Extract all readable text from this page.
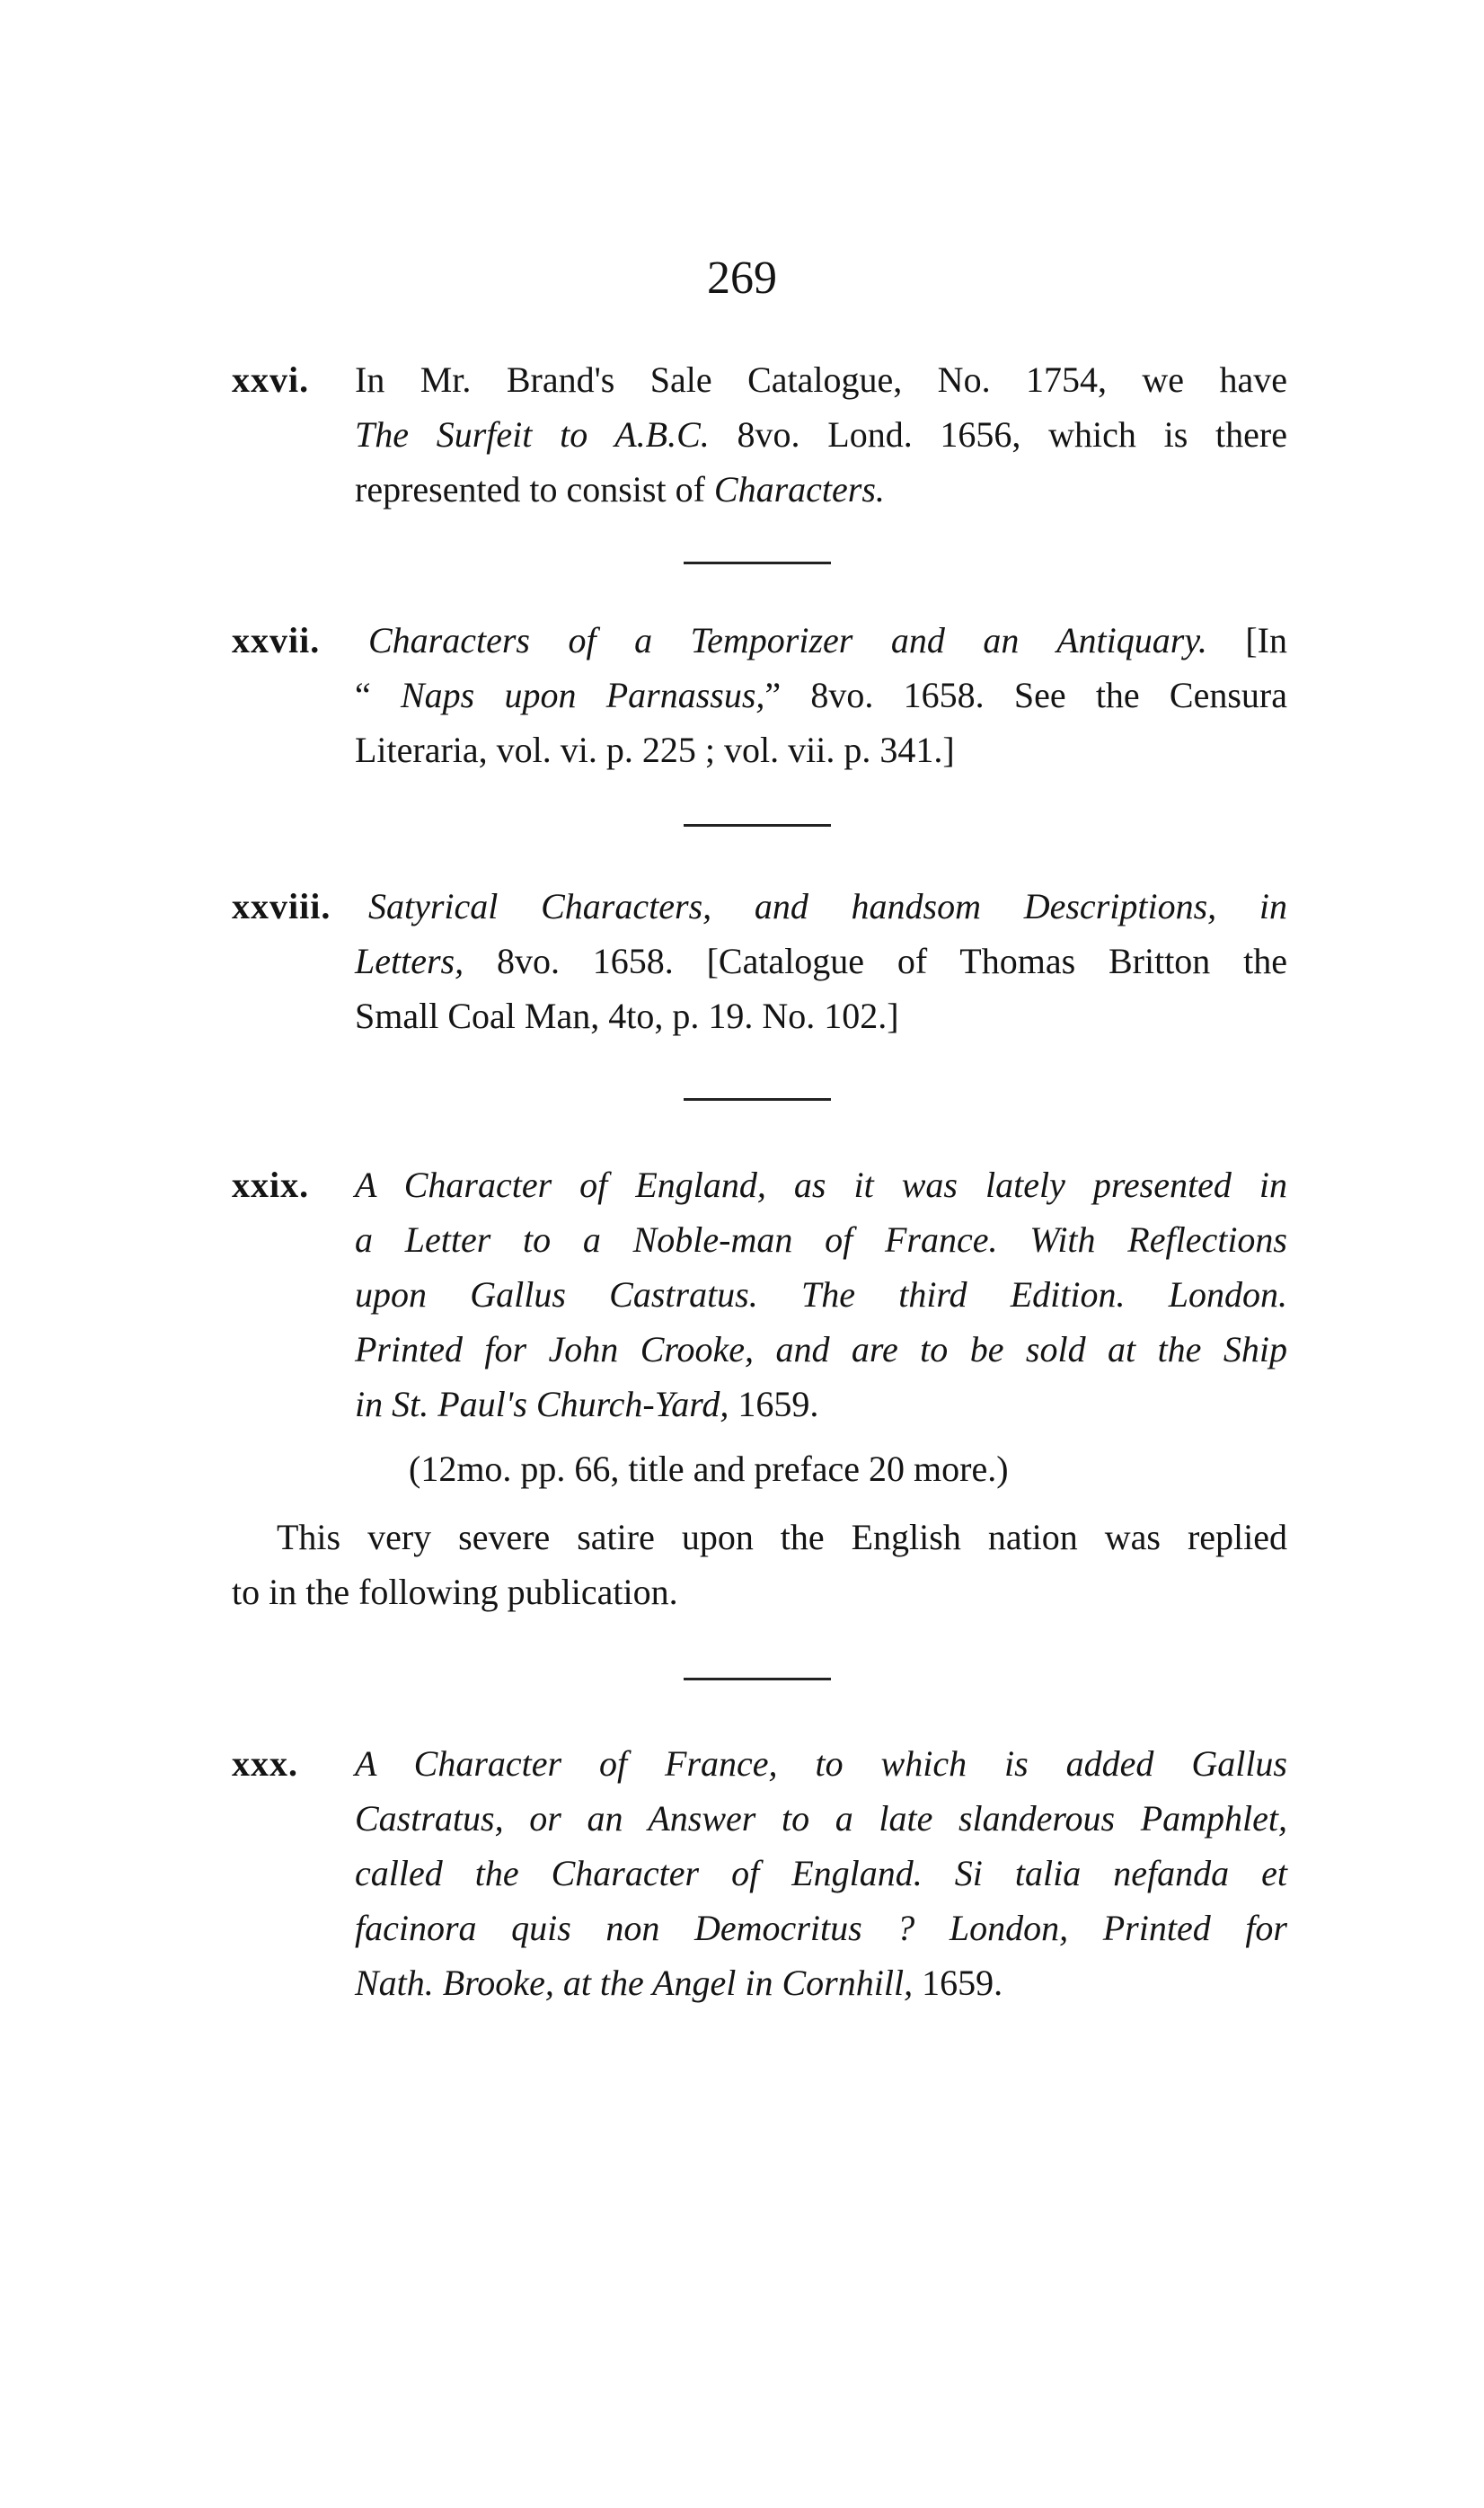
269
xxvi. In Mr. Brand's Sale Catalogue, No. 1754, we have
The Surfeit to A.B.C. 8vo. Lond. 1656, which is there
represented to consist of Characters.
xxvii. Characters of a Temporizer and an Antiquary. [In
“ Naps upon Parnassus,” 8vo. 1658. See the Censura
Literaria, vol. vi. p. 225 ; vol. vii. p. 341.]
xxviii. Satyrical Characters, and handsom Descriptions, in
Letters, 8vo. 1658. [Catalogue of Thomas Britton the
Small Coal Man, 4to, p. 19. No. 102.]
xxix. A Character of England, as it was lately presented in
a Letter to a Noble-man of France. With Reflections
upon Gallus Castratus. The third Edition. London.
Printed for John Crooke, and are to be sold at the Ship
in St. Paul's Church-Yard, 1659.
(12mo. pp. 66, title and preface 20 more.)
This very severe satire upon the English nation was replied
to in the following publication.
xxx. A Character of France, to which is added Gallus
Castratus, or an Answer to a late slanderous Pamphlet,
called the Character of England. Si talia nefanda et
facinora quis non Democritus ? London, Printed for
Nath. Brooke, at the Angel in Cornhill, 1659.
